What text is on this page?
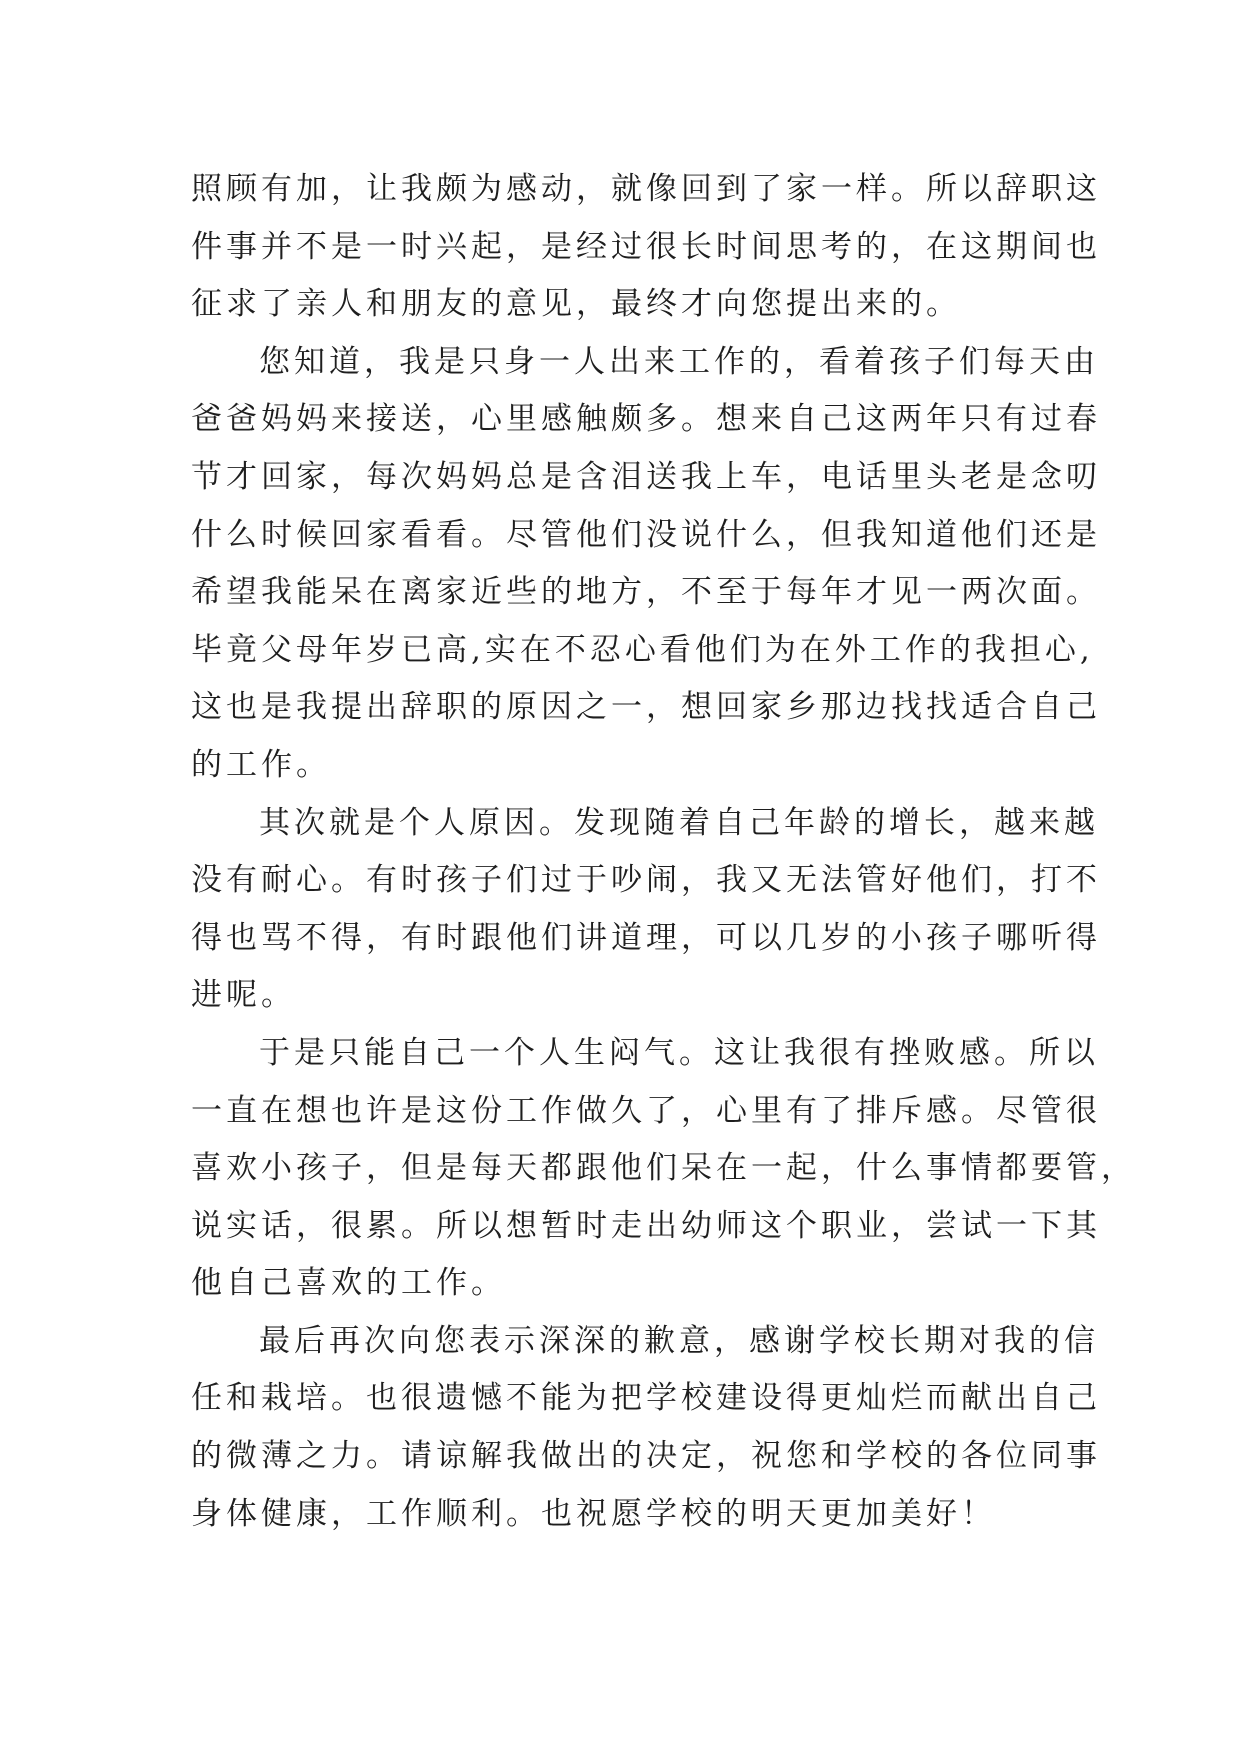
照顾有加，让我颇为感动，就像回到了家一样。所以辞职这
件事并不是一时兴起，是经过很长时间思考的，在这期间也
征求了亲人和朋友的意见，最终才向您提出来的。
您知道，我是只身一人出来工作的，看着孩子们每天由
爸爸妈妈来接送，心里感触颇多。想来自己这两年只有过春
节才回家，每次妈妈总是含泪送我上车，电话里头老是念叨
什么时候回家看看。尽管他们没说什么，但我知道他们还是
希望我能呆在离家近些的地方，不至于每年才见一两次面。
毕竟父母年岁已高,实在不忍心看他们为在外工作的我担心,
这也是我提出辞职的原因之一，想回家乡那边找找适合自己
的工作。
其次就是个人原因。发现随着自己年龄的增长，越来越
没有耐心。有时孩子们过于吵闹，我又无法管好他们，打不
得也骂不得，有时跟他们讲道理，可以几岁的小孩子哪听得
进呢。
于是只能自己一个人生闷气。这让我很有挫败感。所以
一直在想也许是这份工作做久了，心里有了排斥感。尽管很
喜欢小孩子，但是每天都跟他们呆在一起，什么事情都要管，
说实话，很累。所以想暂时走出幼师这个职业，尝试一下其
他自己喜欢的工作。
最后再次向您表示深深的歉意，感谢学校长期对我的信
任和栽培。也很遗憾不能为把学校建设得更灿烂而献出自己
的微薄之力。请谅解我做出的决定，祝您和学校的各位同事
身体健康，工作顺利。也祝愿学校的明天更加美好！
